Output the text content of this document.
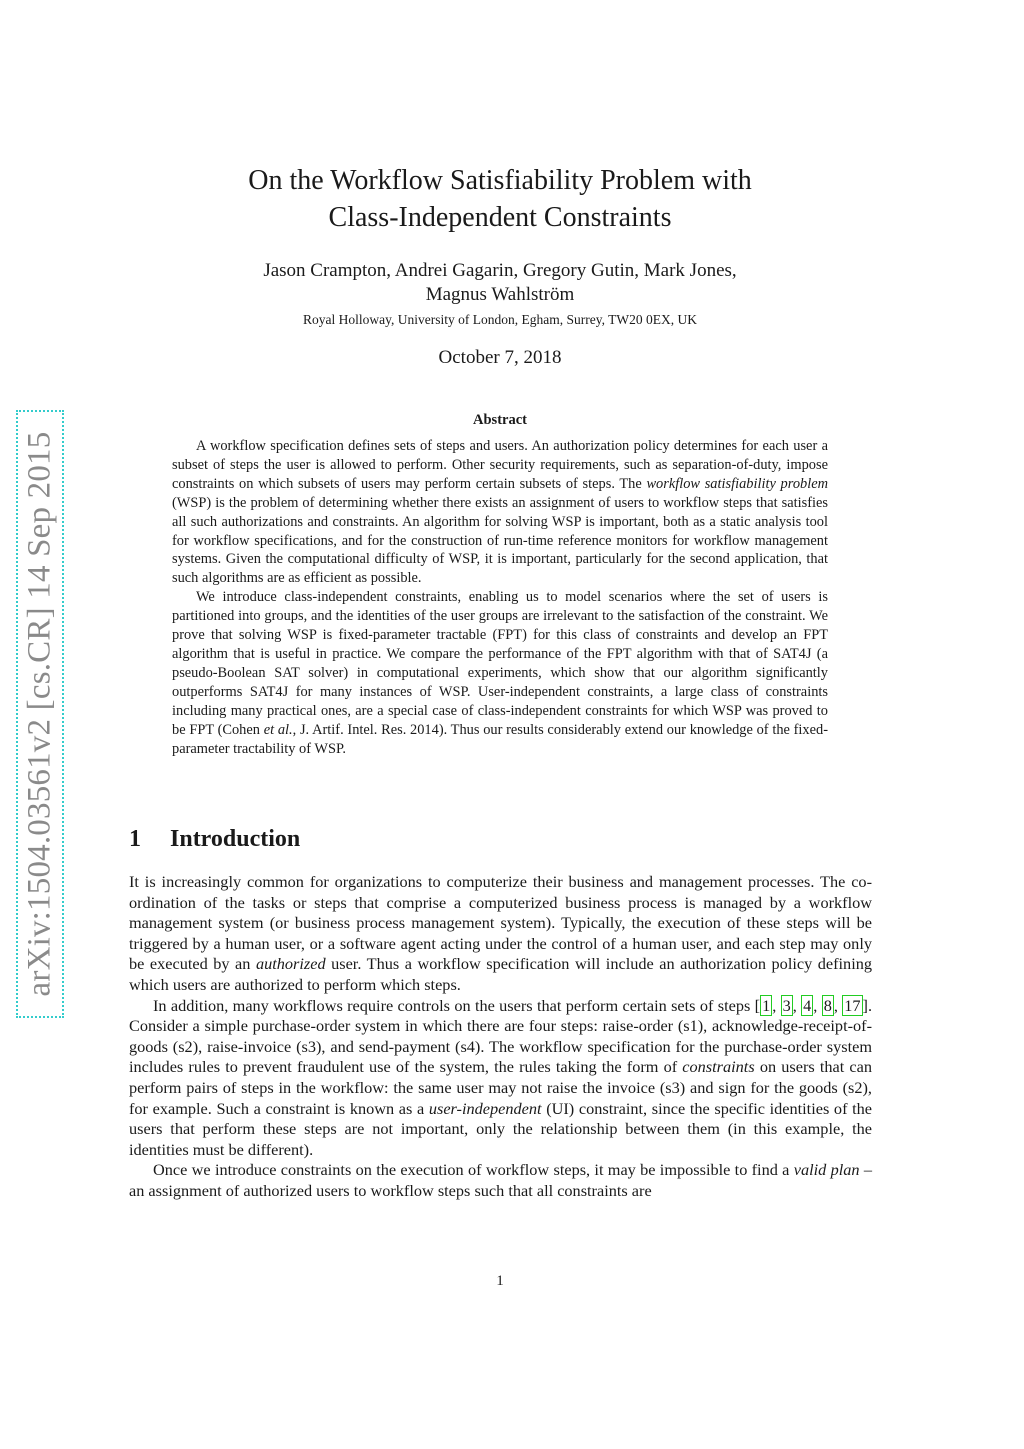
arXiv:1504.03561v2 [cs.CR] 14 Sep 2015
On the Workflow Satisfiability Problem with
Class-Independent Constraints
Jason Crampton, Andrei Gagarin, Gregory Gutin, Mark Jones,
Magnus Wahlström
Royal Holloway, University of London, Egham, Surrey, TW20 0EX, UK
October 7, 2018
Abstract

A workflow specification defines sets of steps and users. An authorization policy determines for each user a subset of steps the user is allowed to perform. Other security requirements, such as separation-of-duty, impose constraints on which subsets of users may perform certain subsets of steps. The workflow satisfiability problem (WSP) is the problem of determining whether there exists an assignment of users to workflow steps that satisfies all such authorizations and constraints. An algorithm for solving WSP is important, both as a static analysis tool for workflow specifications, and for the construction of run-time reference monitors for workflow management systems. Given the computational difficulty of WSP, it is important, particularly for the second application, that such algorithms are as efficient as possible.

We introduce class-independent constraints, enabling us to model scenarios where the set of users is partitioned into groups, and the identities of the user groups are irrelevant to the satisfaction of the constraint. We prove that solving WSP is fixed-parameter tractable (FPT) for this class of constraints and develop an FPT algorithm that is useful in practice. We compare the performance of the FPT algorithm with that of SAT4J (a pseudo-Boolean SAT solver) in computational experiments, which show that our algorithm significantly outperforms SAT4J for many instances of WSP. User-independent constraints, a large class of constraints including many practical ones, are a special case of class-independent constraints for which WSP was proved to be FPT (Cohen et al., J. Artif. Intel. Res. 2014). Thus our results considerably extend our knowledge of the fixed-parameter tractability of WSP.

1 Introduction

It is increasingly common for organizations to computerize their business and management processes. The co-ordination of the tasks or steps that comprise a computerized business process is managed by a workflow management system (or business process management system). Typically, the execution of these steps will be triggered by a human user, or a software agent acting under the control of a human user, and each step may only be executed by an authorized user. Thus a workflow specification will include an authorization policy defining which users are authorized to perform which steps.

In addition, many workflows require controls on the users that perform certain sets of steps [ 1 , 3 , 4 , 8 , 17 ]. Consider a simple purchase-order system in which there are four steps: raise-order (s1), acknowledge-receipt-of-goods (s2), raise-invoice (s3), and send-payment (s4). The workflow specification for the purchase-order system includes rules to prevent fraudulent use of the system, the rules taking the form of constraints on users that can perform pairs of steps in the workflow: the same user may not raise the invoice (s3) and sign for the goods (s2), for example. Such a constraint is known as a user-independent (UI) constraint, since the specific identities of the users that perform these steps are not important, only the relationship between them (in this example, the identities must be different).

Once we introduce constraints on the execution of workflow steps, it may be impossible to find a valid plan – an assignment of authorized users to workflow steps such that all constraints are

1
